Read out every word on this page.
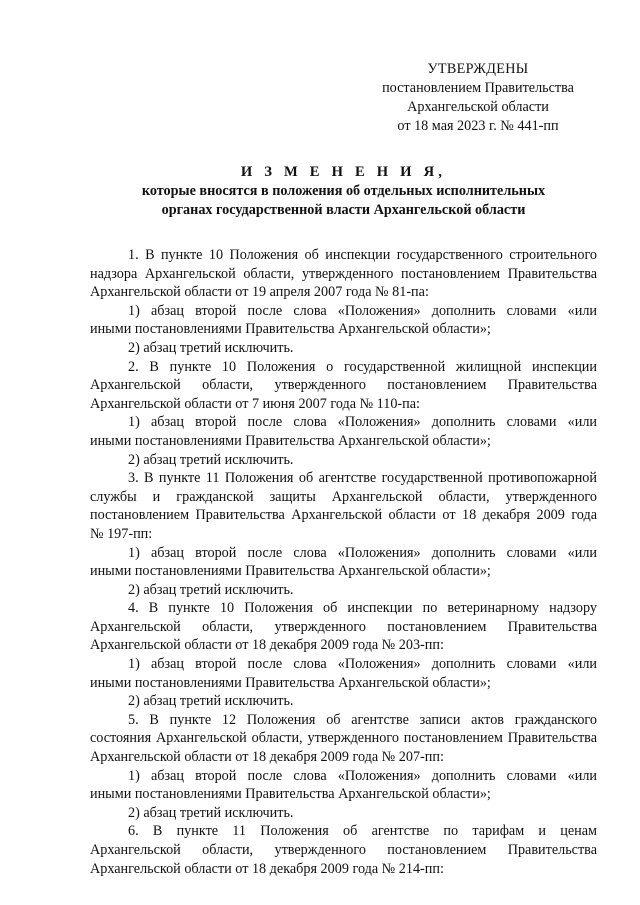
УТВЕРЖДЕНЫ
постановлением Правительства
Архангельской области
от 18 мая 2023 г. № 441-пп
И З М Е Н Е Н И Я,
которые вносятся в положения об отдельных исполнительных
органах государственной власти Архангельской области
1. В пункте 10 Положения об инспекции государственного строительного
надзора Архангельской области, утвержденного постановлением Правительства
Архангельской области от 19 апреля 2007 года № 81-па:
1) абзац второй после слова «Положения» дополнить словами «или
иными постановлениями Правительства Архангельской области»;
2) абзац третий исключить.
2. В пункте 10 Положения о государственной жилищной инспекции
Архангельской области, утвержденного постановлением Правительства
Архангельской области от 7 июня 2007 года № 110-па:
1) абзац второй после слова «Положения» дополнить словами «или
иными постановлениями Правительства Архангельской области»;
2) абзац третий исключить.
3. В пункте 11 Положения об агентстве государственной противопожарной
службы и гражданской защиты Архангельской области, утвержденного
постановлением Правительства Архангельской области от 18 декабря 2009 года
№ 197-пп:
1) абзац второй после слова «Положения» дополнить словами «или
иными постановлениями Правительства Архангельской области»;
2) абзац третий исключить.
4. В пункте 10 Положения об инспекции по ветеринарному надзору
Архангельской области, утвержденного постановлением Правительства
Архангельской области от 18 декабря 2009 года № 203-пп:
1) абзац второй после слова «Положения» дополнить словами «или
иными постановлениями Правительства Архангельской области»;
2) абзац третий исключить.
5. В пункте 12 Положения об агентстве записи актов гражданского
состояния Архангельской области, утвержденного постановлением Правительства
Архангельской области от 18 декабря 2009 года № 207-пп:
1) абзац второй после слова «Положения» дополнить словами «или
иными постановлениями Правительства Архангельской области»;
2) абзац третий исключить.
6. В пункте 11 Положения об агентстве по тарифам и ценам
Архангельской области, утвержденного постановлением Правительства
Архангельской области от 18 декабря 2009 года № 214-пп:
